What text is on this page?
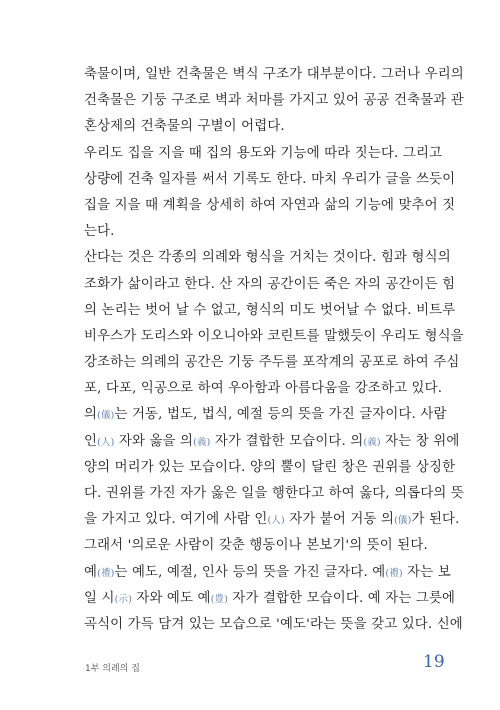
축물이며, 일반 건축물은 벽식 구조가 대부분이다. 그러나 우리의
건축물은 기둥 구조로 벽과 처마를 가지고 있어 공공 건축물과 관
혼상제의 건축물의 구별이 어렵다.
우리도 집을 지을 때 집의 용도와 기능에 따라 짓는다. 그리고
상량에 건축 일자를 써서 기록도 한다. 마치 우리가 글을 쓰듯이
집을 지을 때 계획을 상세히 하여 자연과 삶의 기능에 맞추어 짓
는다.
산다는 것은 각종의 의례와 형식을 거치는 것이다. 힘과 형식의
조화가 삶이라고 한다. 산 자의 공간이든 죽은 자의 공간이든 힘
의 논리는 벗어 날 수 없고, 형식의 미도 벗어날 수 없다. 비트루
비우스가 도리스와 이오니아와 코린트를 말했듯이 우리도 형식을
강조하는 의례의 공간은 기둥 주두를 포작계의 공포로 하여 주심
포, 다포, 익공으로 하여 우아함과 아름다움을 강조하고 있다.
의(儀)는 거동, 법도, 법식, 예절 등의 뜻을 가진 글자이다. 사람
인(人) 자와 옳을 의(義) 자가 결합한 모습이다. 의(義) 자는 창 위에
양의 머리가 있는 모습이다. 양의 뿔이 달린 창은 권위를 상징한
다. 권위를 가진 자가 옳은 일을 행한다고 하여 옳다, 의롭다의 뜻
을 가지고 있다. 여기에 사람 인(人) 자가 붙어 거동 의(儀)가 된다.
그래서 '의로운 사람이 갖춘 행동이나 본보기'의 뜻이 된다.
예(禮)는 예도, 예절, 인사 등의 뜻을 가진 글자다. 예(禮) 자는 보
일 시(示) 자와 예도 예(豊) 자가 결합한 모습이다. 예 자는 그릇에
곡식이 가득 담겨 있는 모습으로 '예도'라는 뜻을 갖고 있다. 신에
1부 의례의 집	19
